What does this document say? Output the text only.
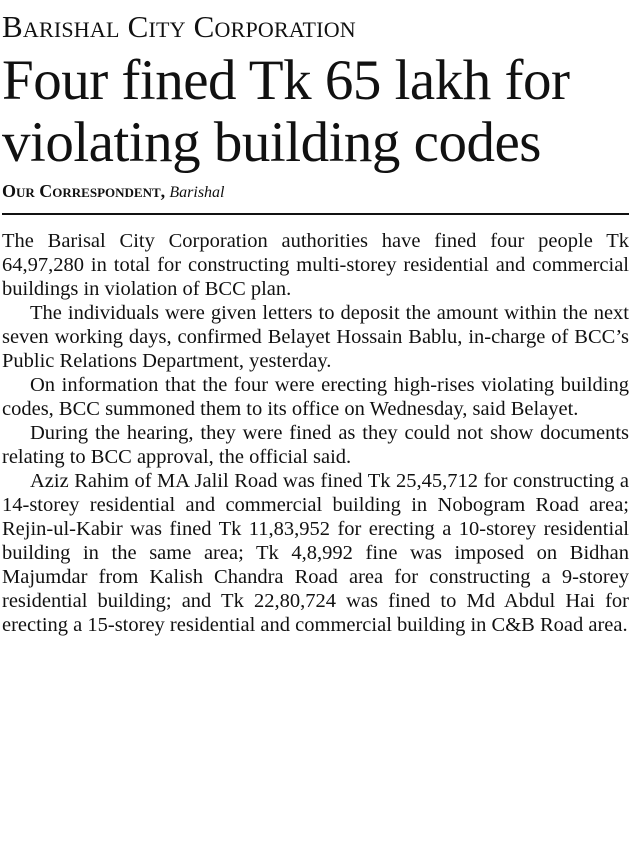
Barishal City Corporation
Four fined Tk 65 lakh for violating building codes
Our Correspondent, Barishal

The Barisal City Corporation authorities have fined four people Tk 64,97,280 in total for constructing multi-storey residential and commercial buildings in violation of BCC plan.

The individuals were given letters to deposit the amount within the next seven working days, confirmed Belayet Hossain Bablu, in-charge of BCC’s Public Relations Department, yesterday.

On information that the four were erecting high-rises violating building codes, BCC summoned them to its office on Wednesday, said Belayet.

During the hearing, they were fined as they could not show documents relating to BCC approval, the official said.

Aziz Rahim of MA Jalil Road was fined Tk 25,45,712 for constructing a 14-storey residential and commercial building in Nobogram Road area; Rejin-ul-Kabir was fined Tk 11,83,952 for erecting a 10-storey residential building in the same area; Tk 4,8,992 fine was imposed on Bidhan Majumdar from Kalish Chandra Road area for constructing a 9-storey residential building; and Tk 22,80,724 was fined to Md Abdul Hai for erecting a 15-storey residential and commercial building in C&B Road area.
